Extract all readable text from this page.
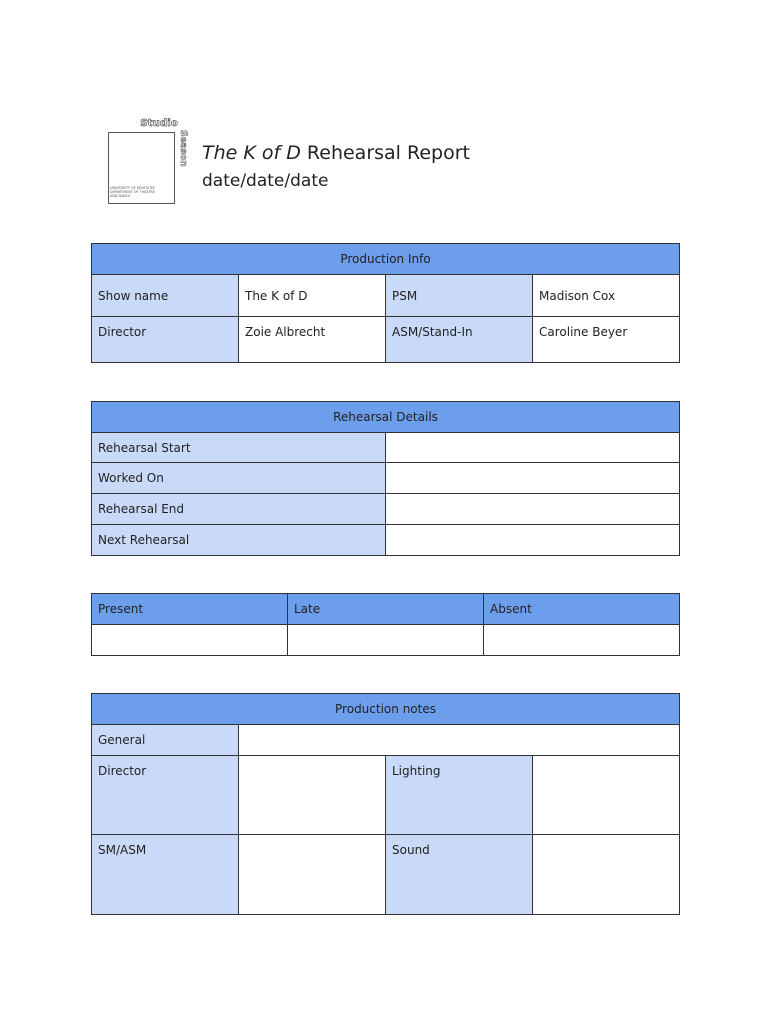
Studio
Season
UNIVERSITY OF KENTUCKY DEPARTMENT OF THEATRE AND DANCE
The K of D Rehearsal Report
date/date/date
Production Info			
Show name	The K of D	PSM	Madison Cox
Director	Zoie Albrecht	ASM/Stand-In	Caroline Beyer
Rehearsal Details	
Rehearsal Start	
Worked On	
Rehearsal End	
Next Rehearsal	
Present	Late	Absent

Production notes			
General			
Director		Lighting	
SM/ASM		Sound	
